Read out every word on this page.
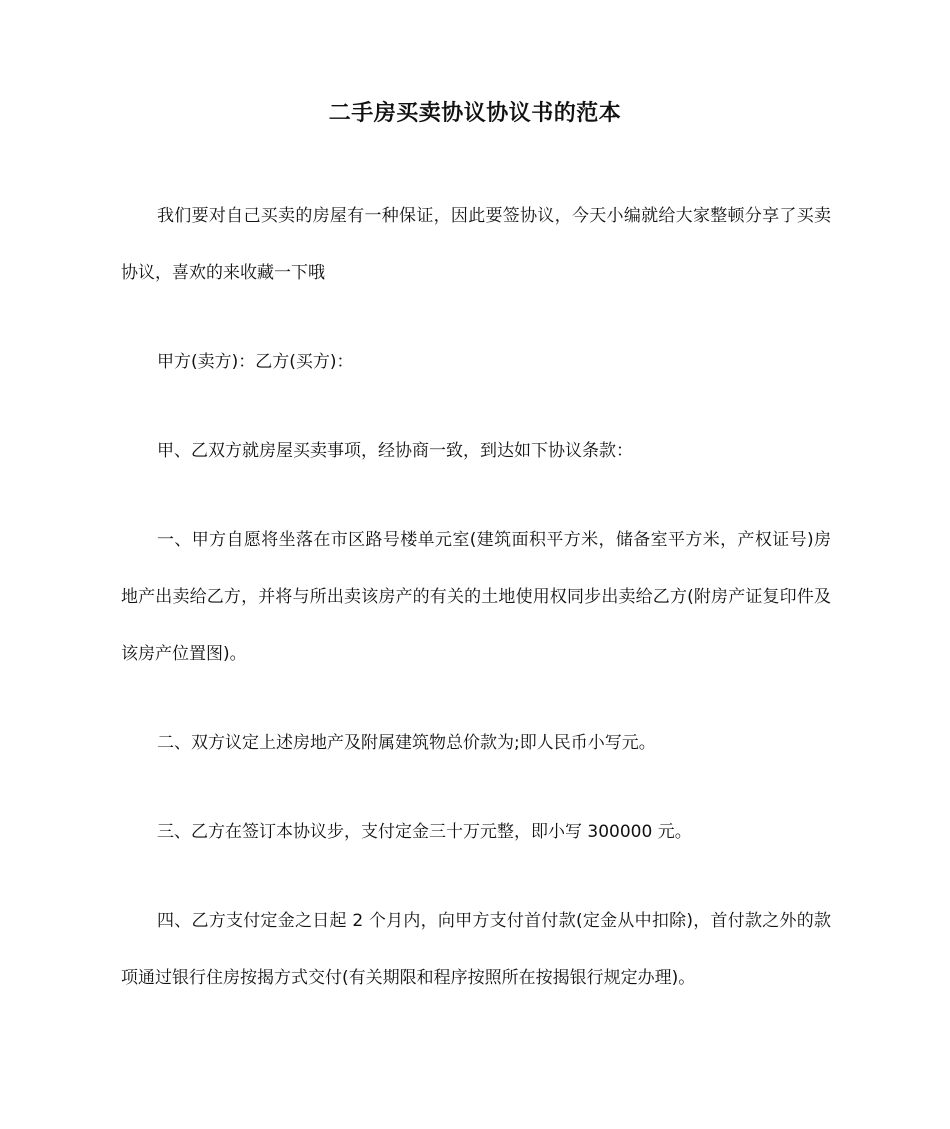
二手房买卖协议协议书的范本

我们要对自己买卖的房屋有一种保证，因此要签协议，今天小编就给大家整顿分享了买卖协议，喜欢的来收藏一下哦

甲方(卖方)：乙方(买方)：

甲、乙双方就房屋买卖事项，经协商一致，到达如下协议条款：

一、甲方自愿将坐落在市区路号楼单元室(建筑面积平方米，储备室平方米，产权证号)房地产出卖给乙方，并将与所出卖该房产的有关的土地使用权同步出卖给乙方(附房产证复印件及该房产位置图)。

二、双方议定上述房地产及附属建筑物总价款为;即人民币小写元。

三、乙方在签订本协议步，支付定金三十万元整，即小写 300000 元。

四、乙方支付定金之日起 2 个月内，向甲方支付首付款(定金从中扣除)，首付款之外的款项通过银行住房按揭方式交付(有关期限和程序按照所在按揭银行规定办理)。
